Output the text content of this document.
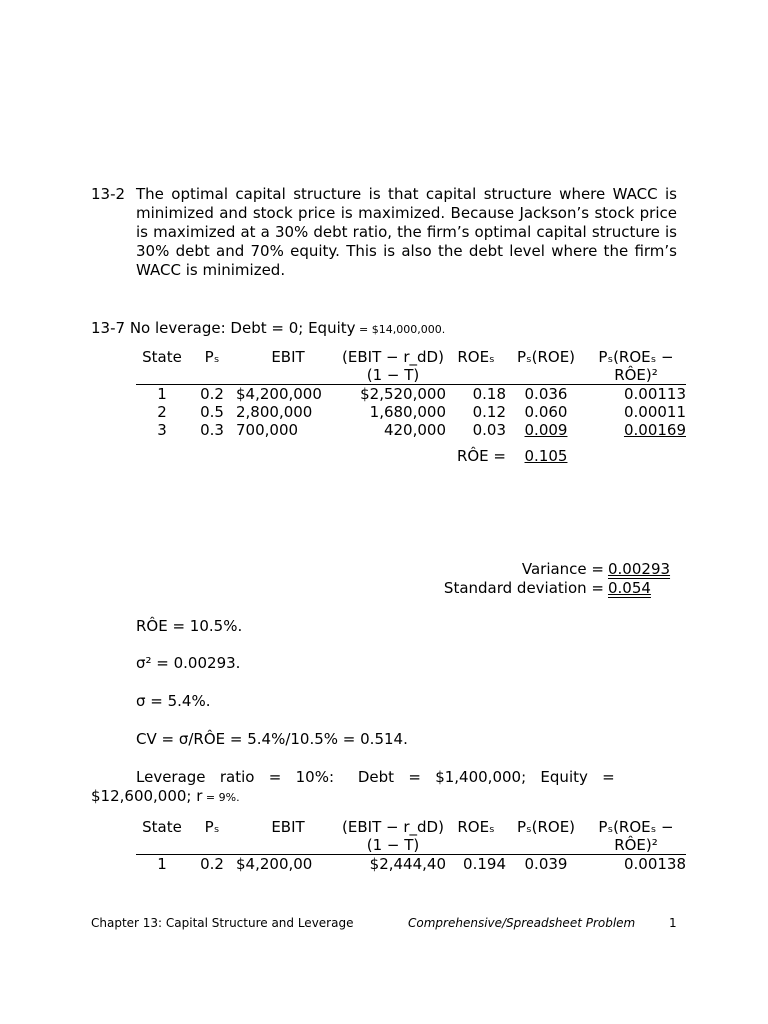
13-2 The optimal capital structure is that capital structure where WACC is minimized and stock price is maximized. Because Jackson’s stock price is maximized at a 30% debt ratio, the firm’s optimal capital structure is 30% debt and 70% equity. This is also the debt level where the firm’s WACC is minimized.
13-7 No leverage: Debt = 0; Equity = $14,000,000.
State	Pₛ	EBIT	(EBIT − r_dD)(1 − T)	ROEₛ	Pₛ(ROE)	Pₛ(ROEₛ − RÔE)²
1	0.2	$4,200,000	$2,520,000	0.18	0.036	0.00113
2	0.5	2,800,000	1,680,000	0.12	0.060	0.00011
3	0.3	700,000	420,000	0.03	0.009	0.00169
				RÔE =	0.105	
Variance = 0.00293
Standard deviation = 0.054
RÔE = 10.5%.
σ² = 0.00293.
σ = 5.4%.
CV = σ/RÔE = 5.4%/10.5% = 0.514.
Leverage   ratio   =   10%:     Debt   =   $1,400,000;   Equity   =
$12,600,000; r = 9%.
State	Pₛ	EBIT	(EBIT − r_dD)(1 − T)	ROEₛ	Pₛ(ROE)	Pₛ(ROEₛ − RÔE)²
1	0.2	$4,200,00	$2,444,40	0.194	0.039	0.00138
Chapter 13: Capital Structure and Leverage	Comprehensive/Spreadsheet Problem	1
